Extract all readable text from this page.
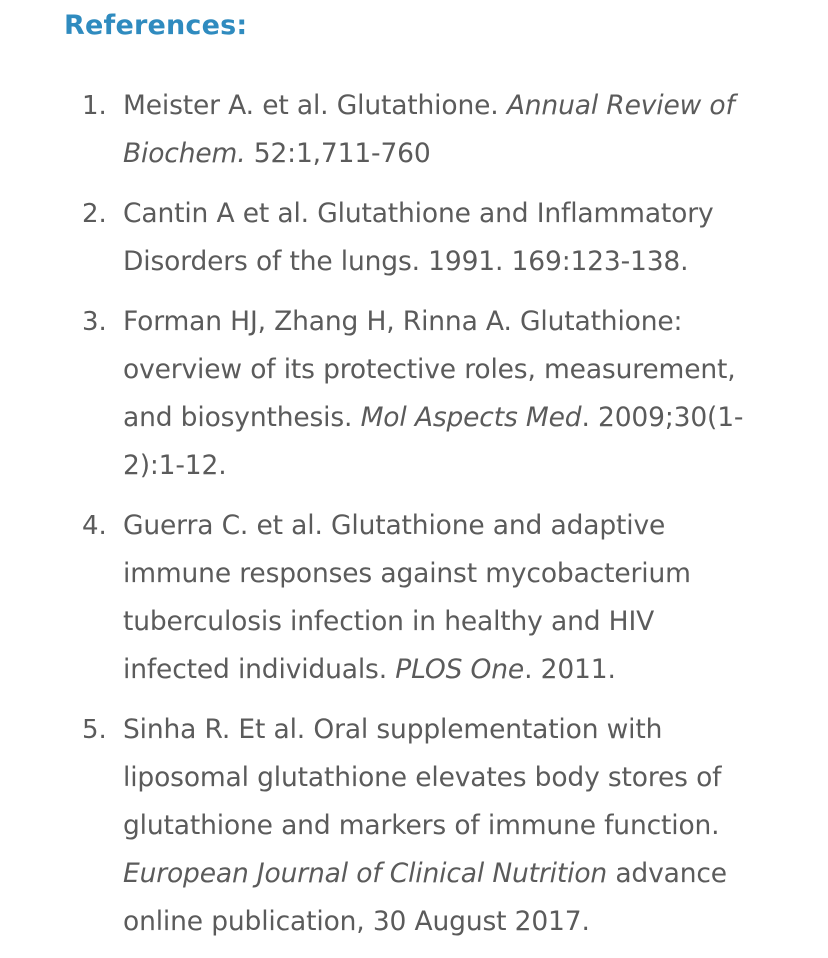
References:
1. Meister A. et al. Glutathione. Annual Review of Biochem. 52:1,711-760
2. Cantin A et al. Glutathione and Inflammatory Disorders of the lungs. 1991. 169:123-138.
3. Forman HJ, Zhang H, Rinna A. Glutathione: overview of its protective roles, measurement, and biosynthesis. Mol Aspects Med. 2009;30(1-2):1-12.
4. Guerra C. et al. Glutathione and adaptive immune responses against mycobacterium tuberculosis infection in healthy and HIV infected individuals. PLOS One. 2011.
5. Sinha R. Et al. Oral supplementation with liposomal glutathione elevates body stores of glutathione and markers of immune function. European Journal of Clinical Nutrition advance online publication, 30 August 2017.
